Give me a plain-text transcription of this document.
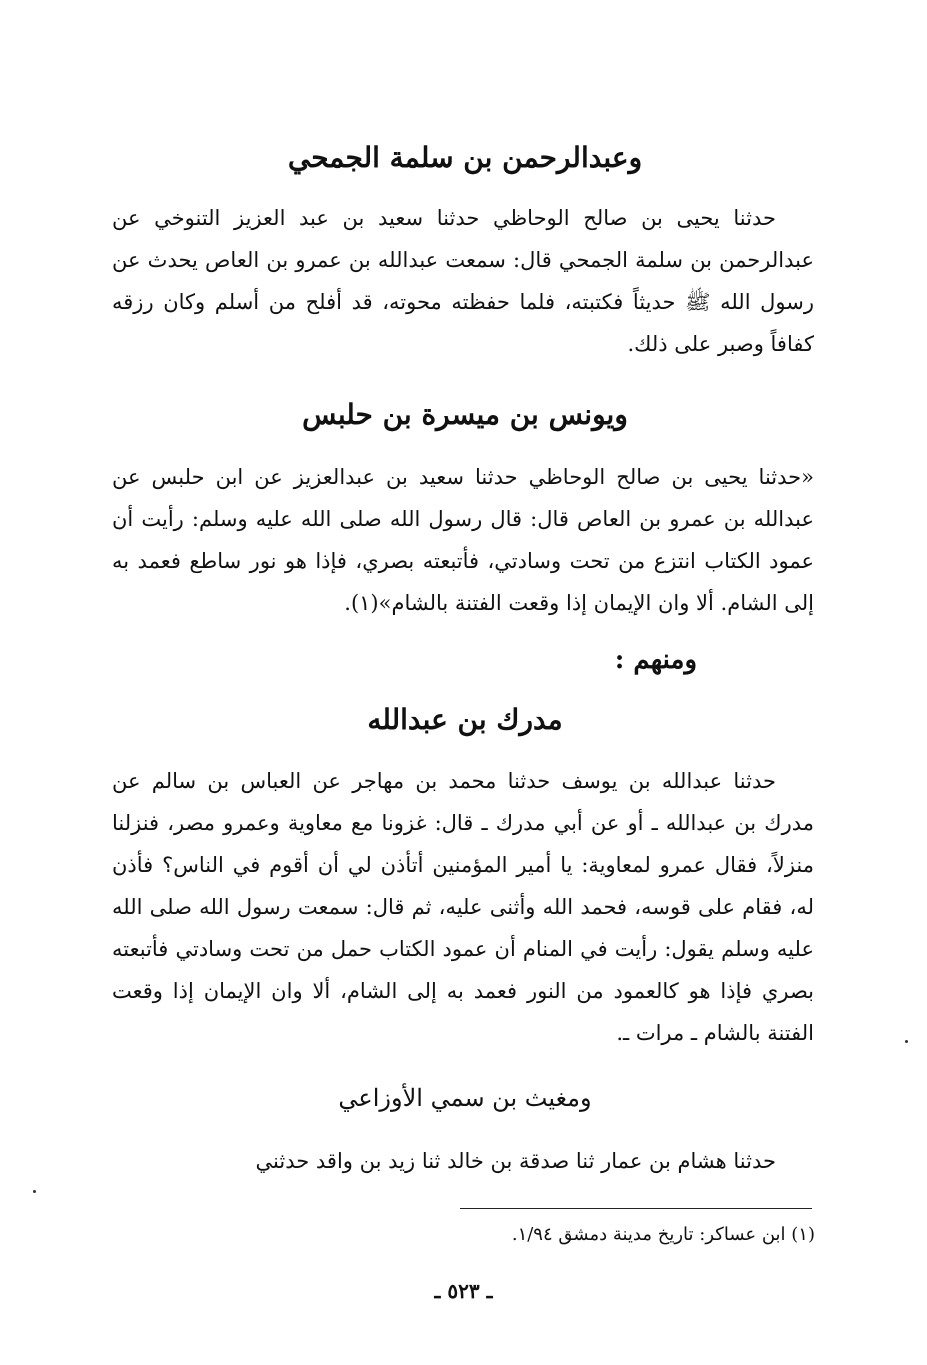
وعبدالرحمن بن سلمة الجمحي

حدثنا يحيى بن صالح الوحاظي حدثنا سعيد بن عبد العزيز التنوخي عن عبدالرحمن بن سلمة الجمحي قال: سمعت عبدالله بن عمرو بن العاص يحدث عن رسول الله ﷺ حديثاً فكتبته، فلما حفظته محوته، قد أفلح من أسلم وكان رزقه كفافاً وصبر على ذلك.

ويونس بن ميسرة بن حلبس

«حدثنا يحيى بن صالح الوحاظي حدثنا سعيد بن عبدالعزيز عن ابن حلبس عن عبدالله بن عمرو بن العاص قال: قال رسول الله صلى الله عليه وسلم: رأيت أن عمود الكتاب انتزع من تحت وسادتي، فأتبعته بصري، فإذا هو نور ساطع فعمد به إلى الشام. ألا وان الإيمان إذا وقعت الفتنة بالشام»(١).

ومنهم :
مدرك بن عبدالله

حدثنا عبدالله بن يوسف حدثنا محمد بن مهاجر عن العباس بن سالم عن مدرك بن عبدالله ـ أو عن أبي مدرك ـ قال: غزونا مع معاوية وعمرو مصر، فنزلنا منزلاً، فقال عمرو لمعاوية: يا أمير المؤمنين أتأذن لي أن أقوم في الناس؟ فأذن له، فقام على قوسه، فحمد الله وأثنى عليه، ثم قال: سمعت رسول الله صلى الله عليه وسلم يقول: رأيت في المنام أن عمود الكتاب حمل من تحت وسادتي فأتبعته بصري فإذا هو كالعمود من النور فعمد به إلى الشام، ألا وان الإيمان إذا وقعت الفتنة بالشام ـ مرات ـ.

ومغيث بن سمي الأوزاعي

حدثنا هشام بن عمار ثنا صدقة بن خالد ثنا زيد بن واقد حدثني

(١) ابن عساكر: تاريخ مدينة دمشق ١/٩٤.
ـ ٥٢٣ ـ
